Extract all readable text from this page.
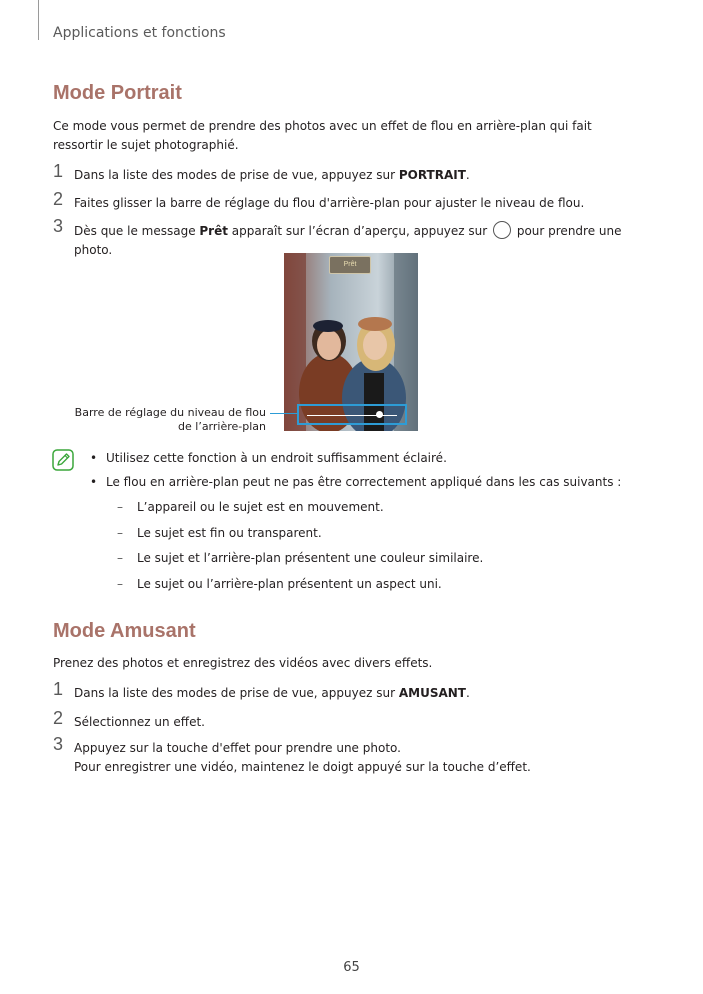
Applications et fonctions
Mode Portrait
Ce mode vous permet de prendre des photos avec un effet de flou en arrière-plan qui fait ressortir le sujet photographié.
1 Dans la liste des modes de prise de vue, appuyez sur PORTRAIT.
2 Faites glisser la barre de réglage du flou d'arrière-plan pour ajuster le niveau de flou.
3 Dès que le message Prêt apparaît sur l’écran d’aperçu, appuyez sur  pour prendre une photo.
Prêt
Barre de réglage du niveau de flou
de l’arrière-plan
• Utilisez cette fonction à un endroit suffisamment éclairé.
• Le flou en arrière-plan peut ne pas être correctement appliqué dans les cas suivants :
– L’appareil ou le sujet est en mouvement.
– Le sujet est fin ou transparent.
– Le sujet et l’arrière-plan présentent une couleur similaire.
– Le sujet ou l’arrière-plan présentent un aspect uni.
Mode Amusant
Prenez des photos et enregistrez des vidéos avec divers effets.
1 Dans la liste des modes de prise de vue, appuyez sur AMUSANT.
2 Sélectionnez un effet.
3 Appuyez sur la touche d'effet pour prendre une photo.
Pour enregistrer une vidéo, maintenez le doigt appuyé sur la touche d’effet.
65
